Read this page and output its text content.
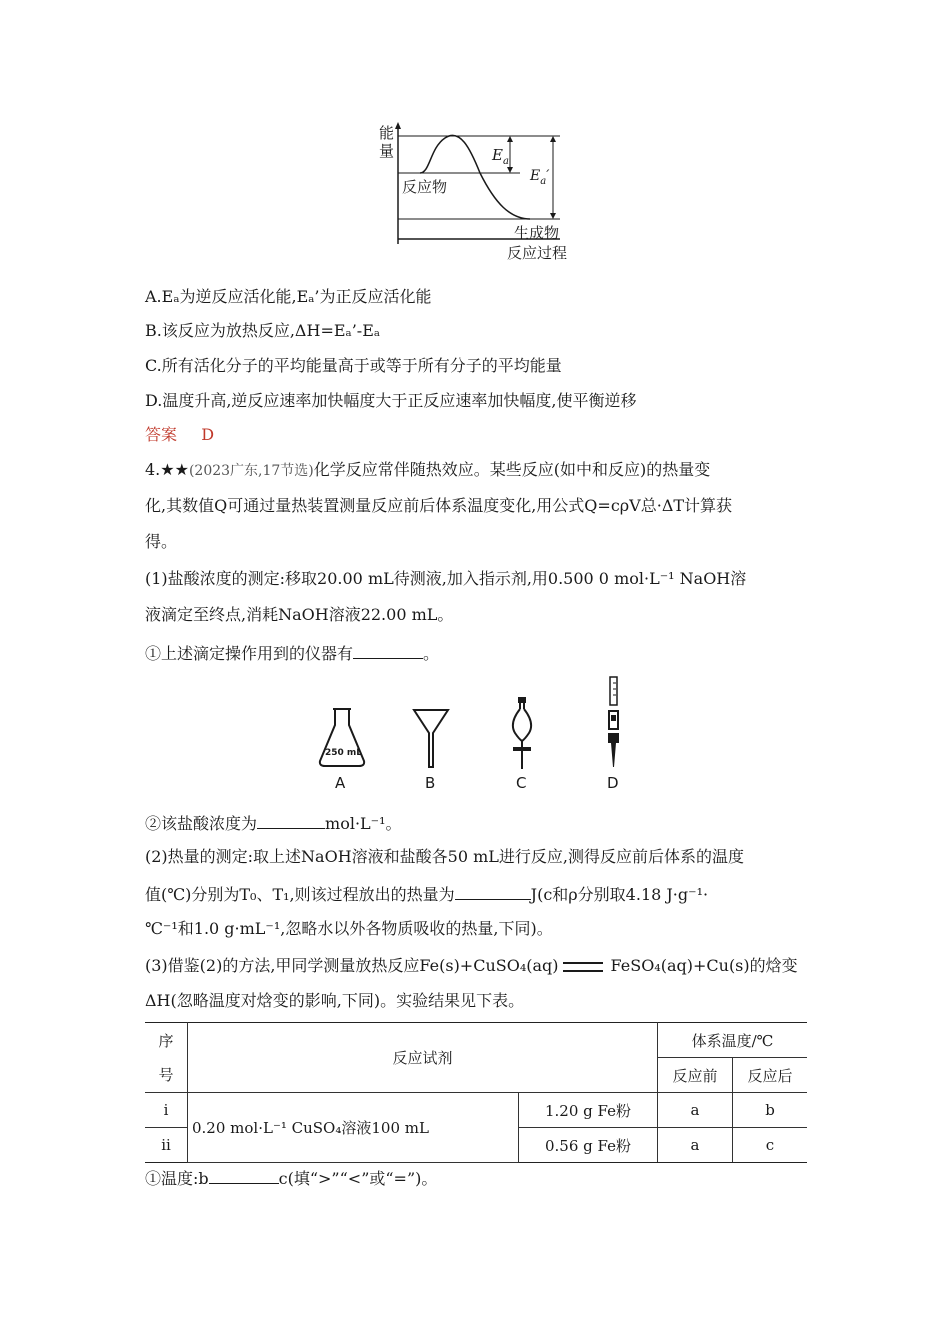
能
量	$E_a$
$E_a'$
反应物
生成物
反应过程
A.Eₐ为逆反应活化能,Eₐ’为正反应活化能
B.该反应为放热反应,ΔH=Eₐ’-Eₐ
C.所有活化分子的平均能量高于或等于所有分子的平均能量
D.温度升高,逆反应速率加快幅度大于正反应速率加快幅度,使平衡逆移
答案 D
4.★★(2023广东,17节选)化学反应常伴随热效应。某些反应(如中和反应)的热量变
化,其数值Q可通过量热装置测量反应前后体系温度变化,用公式Q=cρV总·ΔT计算获
得。
(1)盐酸浓度的测定:移取20.00 mL待测液,加入指示剂,用0.500 0 mol·L⁻¹ NaOH溶
液滴定至终点,消耗NaOH溶液22.00 mL。
①上述滴定操作用到的仪器有	。
250 mL
A	B	C	D
②该盐酸浓度为	mol·L⁻¹。
(2)热量的测定:取上述NaOH溶液和盐酸各50 mL进行反应,测得反应前后体系的温度
值(℃)分别为T₀、T₁,则该过程放出的热量为	J(c和ρ分别取4.18 J·g⁻¹·
℃⁻¹和1.0 g·mL⁻¹,忽略水以外各物质吸收的热量,下同)。
(3)借鉴(2)的方法,甲同学测量放热反应Fe(s)+CuSO₄(aq)	FeSO₄(aq)+Cu(s)的焓变
ΔH(忽略温度对焓变的影响,下同)。实验结果见下表。
序
号	反应试剂		体系温度/℃	
			反应前	反应后
i	0.20 mol·L⁻¹ CuSO₄溶液100 mL	1.20 g Fe粉	a	b
ii		0.56 g Fe粉	a	c
①温度:b	c(填“>”“<”或“=”)。
